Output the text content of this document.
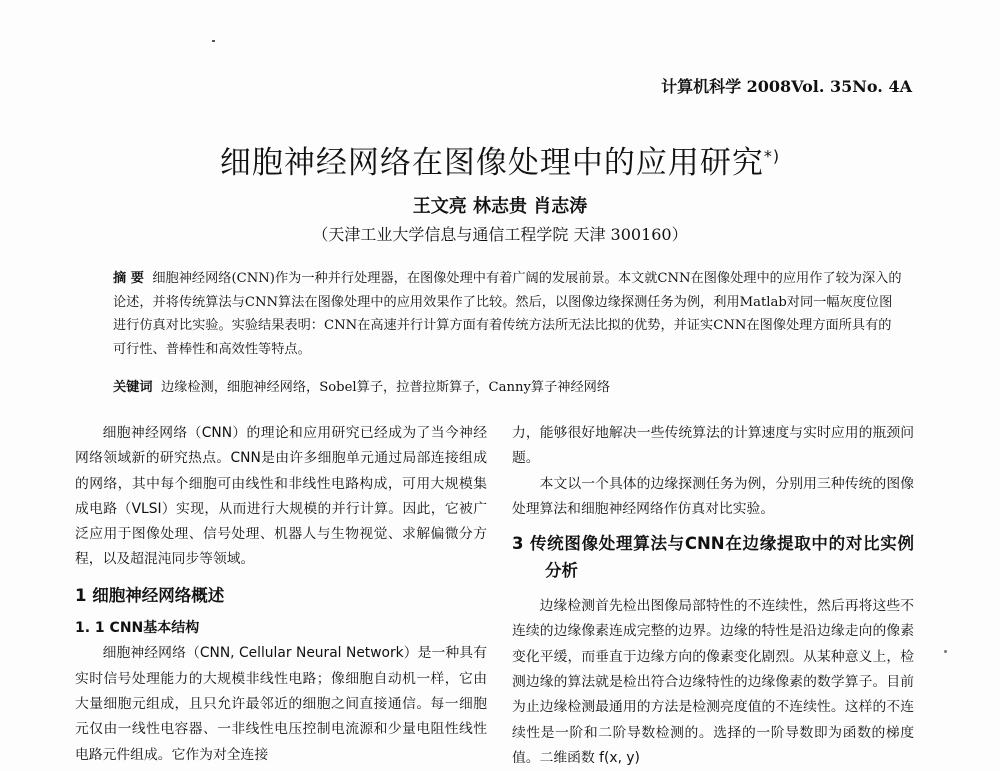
计算机科学 2008Vol. 35No. 4A
细胞神经网络在图像处理中的应用研究*)
王文亮 林志贵 肖志涛
（天津工业大学信息与通信工程学院 天津 300160）
摘 要 细胞神经网络(CNN)作为一种并行处理器，在图像处理中有着广阔的发展前景。本文就CNN在图像处理中的应用作了较为深入的论述，并将传统算法与CNN算法在图像处理中的应用效果作了比较。然后，以图像边缘探测任务为例，利用Matlab对同一幅灰度位图进行仿真对比实验。实验结果表明：CNN在高速并行计算方面有着传统方法所无法比拟的优势，并证实CNN在图像处理方面所具有的可行性、普棒性和高效性等特点。
关键词 边缘检测，细胞神经网络，Sobel算子，拉普拉斯算子，Canny算子神经网络

细胞神经网络（CNN）的理论和应用研究已经成为了当今神经网络领域新的研究热点。CNN是由许多细胞单元通过局部连接组成的网络，其中每个细胞可由线性和非线性电路构成，可用大规模集成电路（VLSI）实现，从而进行大规模的并行计算。因此，它被广泛应用于图像处理、信号处理、机器人与生物视觉、求解偏微分方程，以及超混沌同步等领域。

1 细胞神经网络概述

1. 1 CNN基本结构

细胞神经网络（CNN, Cellular Neural Network）是一种具有实时信号处理能力的大规模非线性电路；像细胞自动机一样，它由大量细胞元组成，且只允许最邻近的细胞之间直接通信。每一细胞元仅由一线性电容器、一非线性电压控制电流源和少量电阻性线性电路元件组成。它作为对全连接

力，能够很好地解决一些传统算法的计算速度与实时应用的瓶颈问题。

本文以一个具体的边缘探测任务为例，分别用三种传统的图像处理算法和细胞神经网络作仿真对比实验。

3 传统图像处理算法与CNN在边缘提取中的对比实例分析

边缘检测首先检出图像局部特性的不连续性，然后再将这些不连续的边缘像素连成完整的边界。边缘的特性是沿边缘走向的像素变化平缓，而垂直于边缘方向的像素变化剧烈。从某种意义上，检测边缘的算法就是检出符合边缘特性的边缘像素的数学算子。目前为止边缘检测最通用的方法是检测亮度值的不连续性。这样的不连续性是一阶和二阶导数检测的。选择的一阶导数即为函数的梯度值。二维函数 f(x, y)
